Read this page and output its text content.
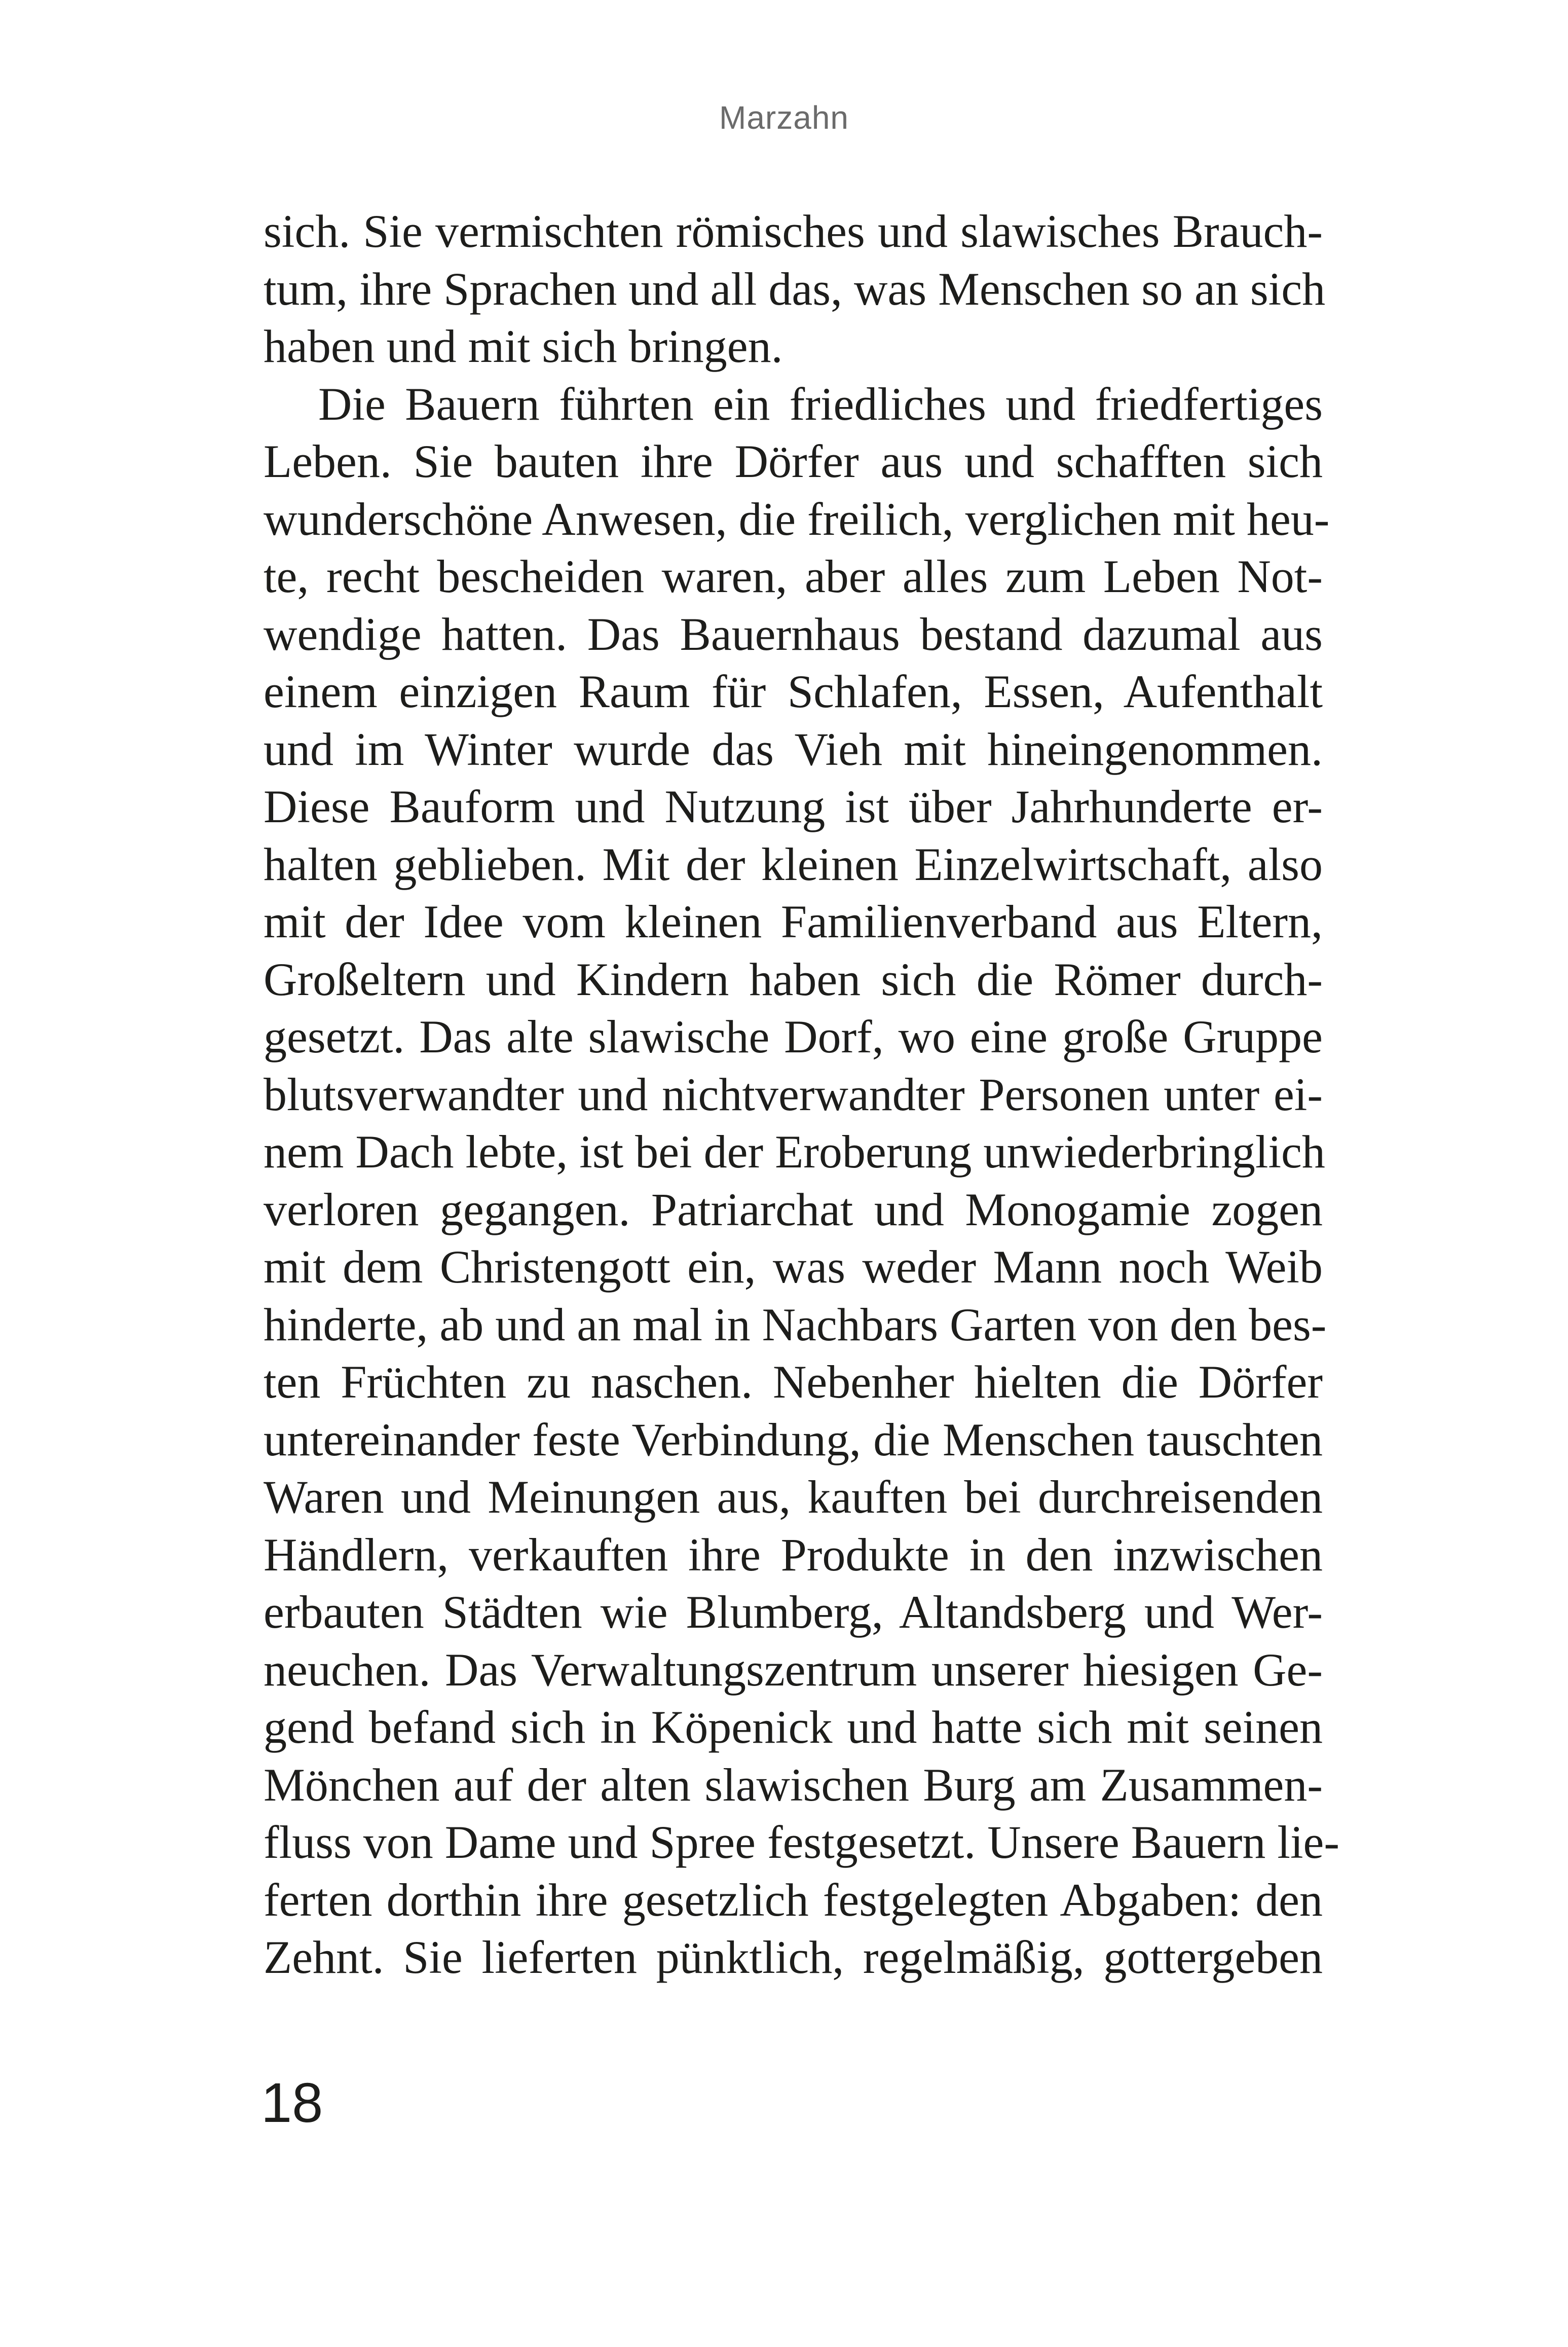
Marzahn
sich. Sie vermischten römisches und slawisches Brauch-
tum, ihre Sprachen und all das, was Menschen so an sich
haben und mit sich bringen.
Die Bauern führten ein friedliches und friedfertiges
Leben. Sie bauten ihre Dörfer aus und schafften sich
wunderschöne Anwesen, die freilich, verglichen mit heu-
te, recht bescheiden waren, aber alles zum Leben Not-
wendige hatten. Das Bauernhaus bestand dazumal aus
einem einzigen Raum für Schlafen, Essen, Aufenthalt
und im Winter wurde das Vieh mit hineingenommen.
Diese Bauform und Nutzung ist über Jahrhunderte er-
halten geblieben. Mit der kleinen Einzelwirtschaft, also
mit der Idee vom kleinen Familienverband aus Eltern,
Großeltern und Kindern haben sich die Römer durch-
gesetzt. Das alte slawische Dorf, wo eine große Gruppe
blutsverwandter und nichtverwandter Personen unter ei-
nem Dach lebte, ist bei der Eroberung unwiederbringlich
verloren gegangen. Patriarchat und Monogamie zogen
mit dem Christengott ein, was weder Mann noch Weib
hinderte, ab und an mal in Nachbars Garten von den bes-
ten Früchten zu naschen. Nebenher hielten die Dörfer
untereinander feste Verbindung, die Menschen tauschten
Waren und Meinungen aus, kauften bei durchreisenden
Händlern, verkauften ihre Produkte in den inzwischen
erbauten Städten wie Blumberg, Altandsberg und Wer-
neuchen. Das Verwaltungszentrum unserer hiesigen Ge-
gend befand sich in Köpenick und hatte sich mit seinen
Mönchen auf der alten slawischen Burg am Zusammen-
fluss von Dame und Spree festgesetzt. Unsere Bauern lie-
ferten dorthin ihre gesetzlich festgelegten Abgaben: den
Zehnt. Sie lieferten pünktlich, regelmäßig, gottergeben
18
